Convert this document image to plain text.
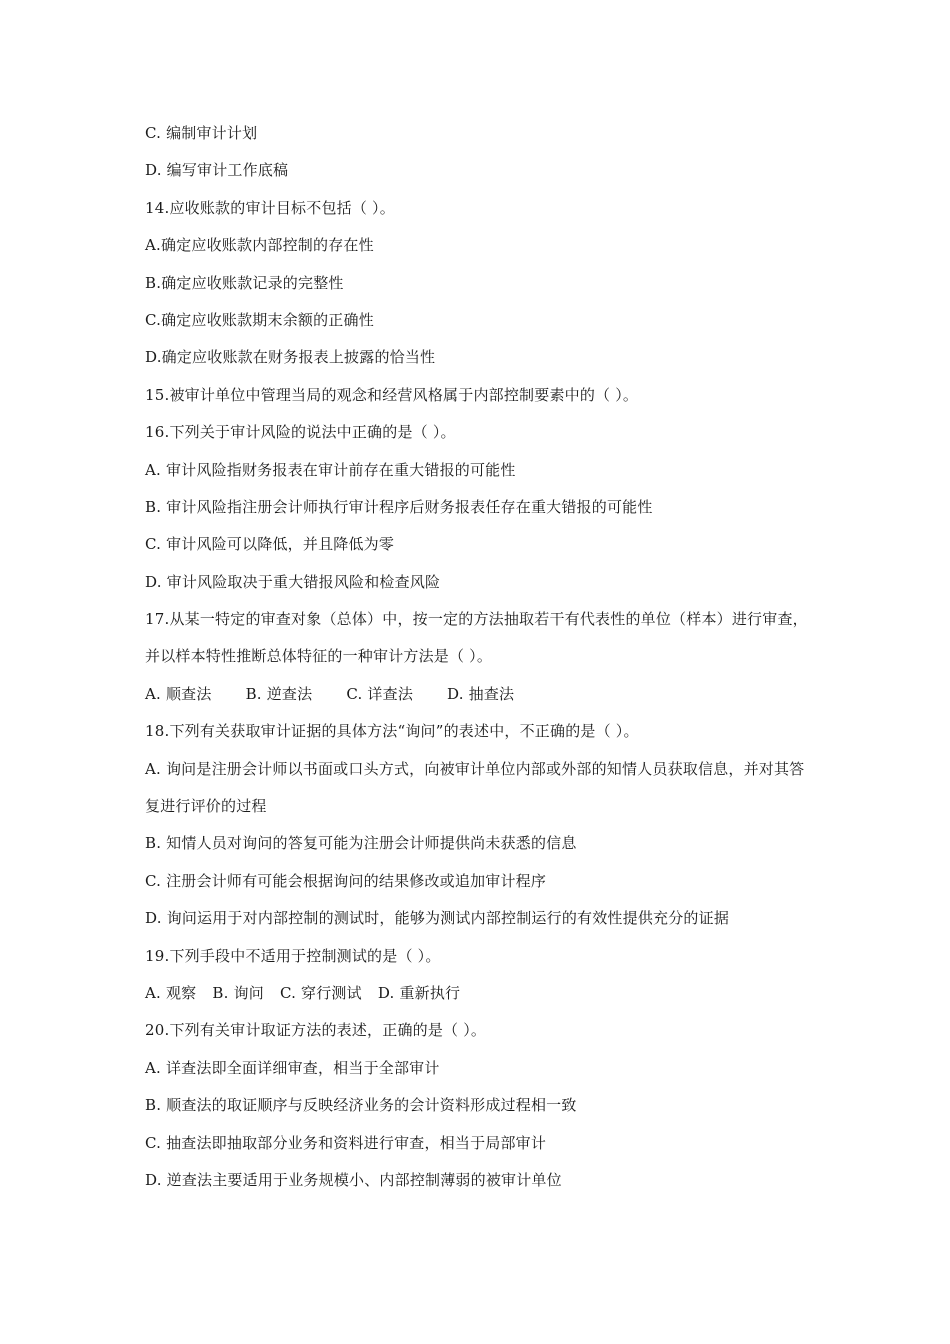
C. 编制审计计划
D. 编写审计工作底稿
14.应收账款的审计目标不包括（ ）。
A.确定应收账款内部控制的存在性
B.确定应收账款记录的完整性
C.确定应收账款期末余额的正确性
D.确定应收账款在财务报表上披露的恰当性
15.被审计单位中管理当局的观念和经营风格属于内部控制要素中的（ ）。
16.下列关于审计风险的说法中正确的是（ ）。
A. 审计风险指财务报表在审计前存在重大错报的可能性
B. 审计风险指注册会计师执行审计程序后财务报表任存在重大错报的可能性
C. 审计风险可以降低，并且降低为零
D. 审计风险取决于重大错报风险和检查风险
17.从某一特定的审查对象（总体）中，按一定的方法抽取若干有代表性的单位（样本）进行审查，
并以样本特性推断总体特征的一种审计方法是（ ）。
A. 顺查法 B. 逆查法 C. 详查法 D. 抽查法
18.下列有关获取审计证据的具体方法“询问”的表述中，不正确的是（ ）。
A. 询问是注册会计师以书面或口头方式，向被审计单位内部或外部的知情人员获取信息，并对其答
复进行评价的过程
B. 知情人员对询问的答复可能为注册会计师提供尚未获悉的信息
C. 注册会计师有可能会根据询问的结果修改或追加审计程序
D. 询问运用于对内部控制的测试时，能够为测试内部控制运行的有效性提供充分的证据
19.下列手段中不适用于控制测试的是（ ）。
A. 观察 B. 询问 C. 穿行测试 D. 重新执行
20.下列有关审计取证方法的表述，正确的是（ ）。
A. 详查法即全面详细审查，相当于全部审计
B. 顺查法的取证顺序与反映经济业务的会计资料形成过程相一致
C. 抽查法即抽取部分业务和资料进行审查，相当于局部审计
D. 逆查法主要适用于业务规模小、内部控制薄弱的被审计单位
